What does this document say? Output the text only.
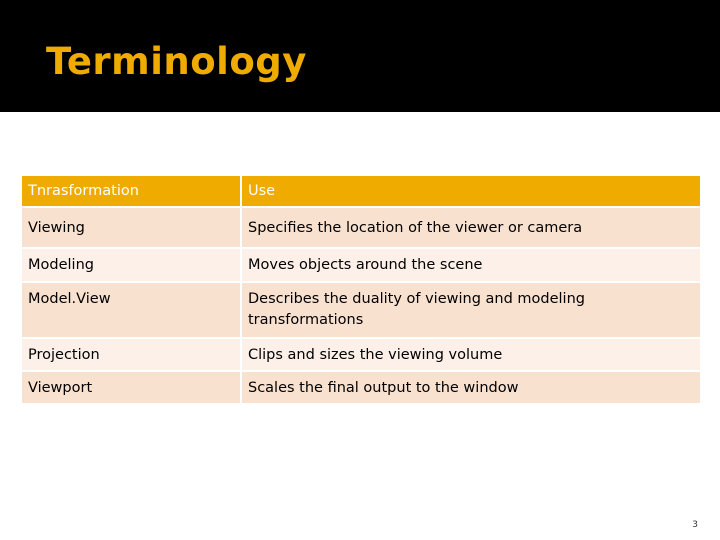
Terminology
Tnrasformation	Use
Viewing	Specifies the location of the viewer or camera
Modeling	Moves objects around the scene
Model.View	Describes the duality of viewing and modeling transformations
Projection	Clips and sizes the viewing volume
Viewport	Scales the final output to the window
3
